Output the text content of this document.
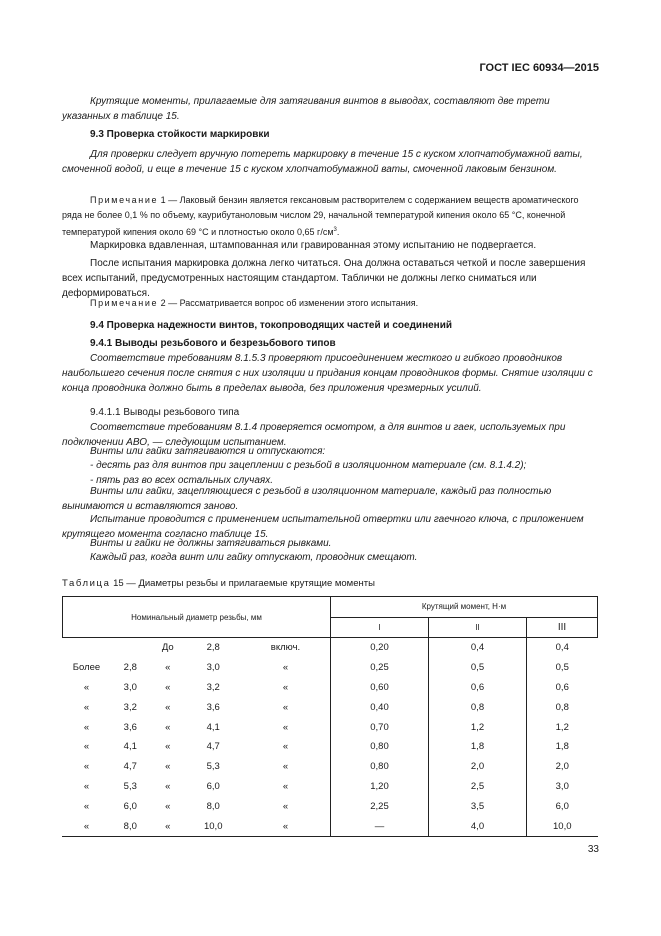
ГОСТ IEC 60934—2015
Крутящие моменты, прилагаемые для затягивания винтов в выводах, составляют две трети указанных в таблице 15.
9.3 Проверка стойкости маркировки
Для проверки следует вручную потереть маркировку в течение 15 с куском хлопчатобумажной ваты, смоченной водой, и еще в течение 15 с куском хлопчатобумажной ваты, смоченной лаковым бензином.
Примечание 1 — Лаковый бензин является гексановым растворителем с содержанием веществ ароматического ряда не более 0,1 % по объему, каурибутаноловым числом 29, начальной температурой кипения около 65 °С, конечной температурой кипения около 69 °С и плотностью около 0,65 $г/см^3$.
Маркировка вдавленная, штампованная или гравированная этому испытанию не подвергается.
После испытания маркировка должна легко читаться. Она должна оставаться четкой и после завершения всех испытаний, предусмотренных настоящим стандартом. Таблички не должны легко сниматься или деформироваться.
Примечание 2 — Рассматривается вопрос об изменении этого испытания.
9.4 Проверка надежности винтов, токопроводящих частей и соединений
9.4.1 Выводы резьбового и безрезьбового типов
Соответствие требованиям 8.1.5.3 проверяют присоединением жесткого и гибкого проводников наибольшего сечения после снятия с них изоляции и придания концам проводников формы. Снятие изоляции с конца проводника должно быть в пределах вывода, без приложения чрезмерных усилий.
9.4.1.1 Выводы резьбового типа
Соответствие требованиям 8.1.4 проверяется осмотром, а для винтов и гаек, используемых при подключении АВО, — следующим испытанием.
Винты или гайки затягиваются и отпускаются:
- десять раз для винтов при зацеплении с резьбой в изоляционном материале (см. 8.1.4.2);
- пять раз во всех остальных случаях.
Винты или гайки, зацепляющиеся с резьбой в изоляционном материале, каждый раз полностью вынимаются и вставляются заново.
Испытание проводится с применением испытательной отвертки или гаечного ключа, с приложением крутящего момента согласно таблице 15.
Винты и гайки не должны затягиваться рывками.
Каждый раз, когда винт или гайку отпускают, проводник смещают.
Таблица 15 — Диаметры резьбы и прилагаемые крутящие моменты
Номинальный диаметр резьбы, мм					Крутящий момент, Н·м		
					I	II	III
		До	2,8	включ.	0,20	0,4	0,4
Более	2,8	«	3,0	«	0,25	0,5	0,5
«	3,0	«	3,2	«	0,60	0,6	0,6
«	3,2	«	3,6	«	0,40	0,8	0,8
«	3,6	«	4,1	«	0,70	1,2	1,2
«	4,1	«	4,7	«	0,80	1,8	1,8
«	4,7	«	5,3	«	0,80	2,0	2,0
«	5,3	«	6,0	«	1,20	2,5	3,0
«	6,0	«	8,0	«	2,25	3,5	6,0
«	8,0	«	10,0	«	—	4,0	10,0
33
